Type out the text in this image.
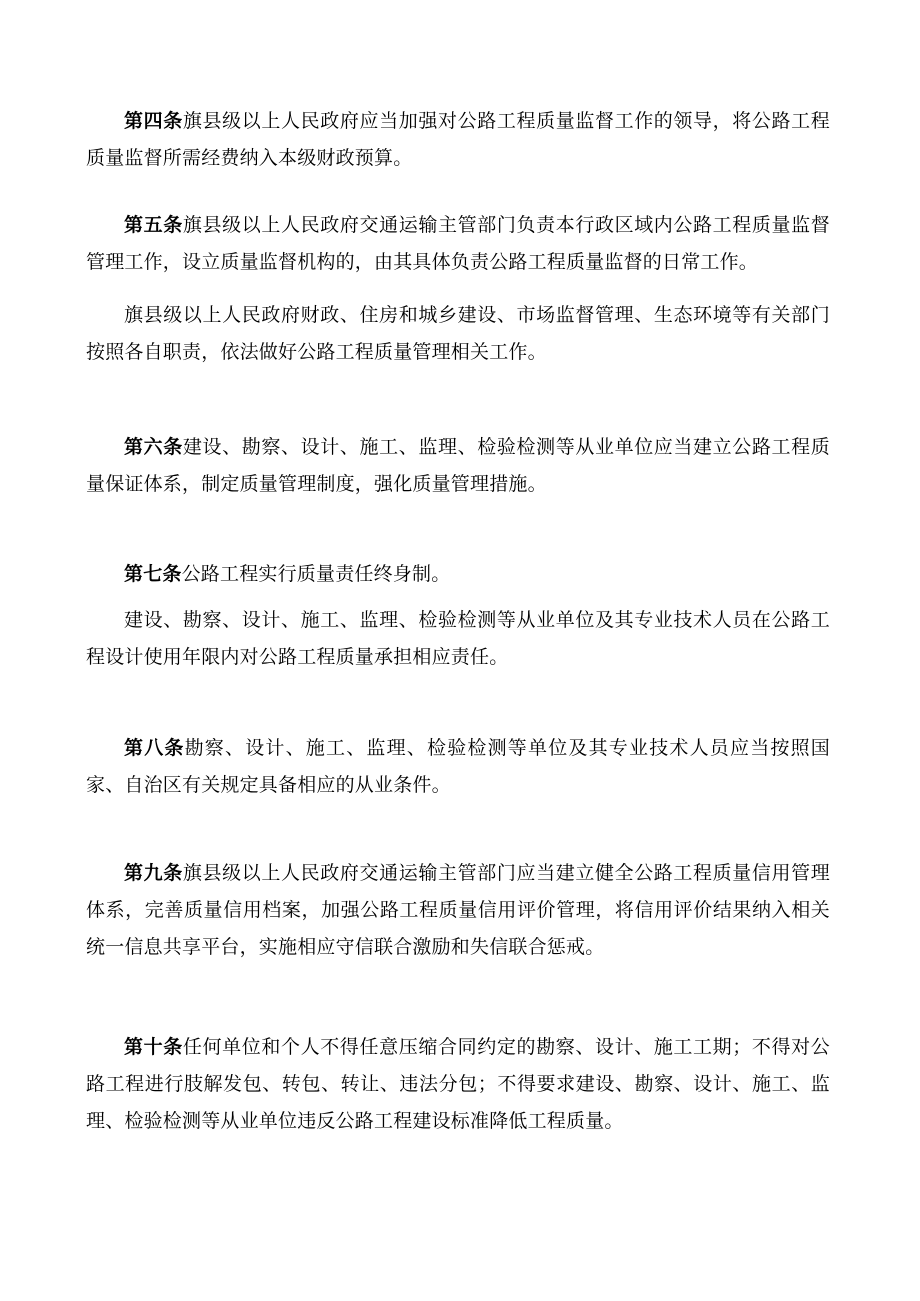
第四条旗县级以上人民政府应当加强对公路工程质量监督工作的领导，将公路工程质量监督所需经费纳入本级财政预算。

第五条旗县级以上人民政府交通运输主管部门负责本行政区域内公路工程质量监督管理工作，设立质量监督机构的，由其具体负责公路工程质量监督的日常工作。

旗县级以上人民政府财政、住房和城乡建设、市场监督管理、生态环境等有关部门按照各自职责，依法做好公路工程质量管理相关工作。

第六条建设、勘察、设计、施工、监理、检验检测等从业单位应当建立公路工程质量保证体系，制定质量管理制度，强化质量管理措施。

第七条公路工程实行质量责任终身制。

建设、勘察、设计、施工、监理、检验检测等从业单位及其专业技术人员在公路工程设计使用年限内对公路工程质量承担相应责任。

第八条勘察、设计、施工、监理、检验检测等单位及其专业技术人员应当按照国家、自治区有关规定具备相应的从业条件。

第九条旗县级以上人民政府交通运输主管部门应当建立健全公路工程质量信用管理体系，完善质量信用档案，加强公路工程质量信用评价管理，将信用评价结果纳入相关统一信息共享平台，实施相应守信联合激励和失信联合惩戒。

第十条任何单位和个人不得任意压缩合同约定的勘察、设计、施工工期；不得对公路工程进行肢解发包、转包、转让、违法分包；不得要求建设、勘察、设计、施工、监理、检验检测等从业单位违反公路工程建设标准降低工程质量。
